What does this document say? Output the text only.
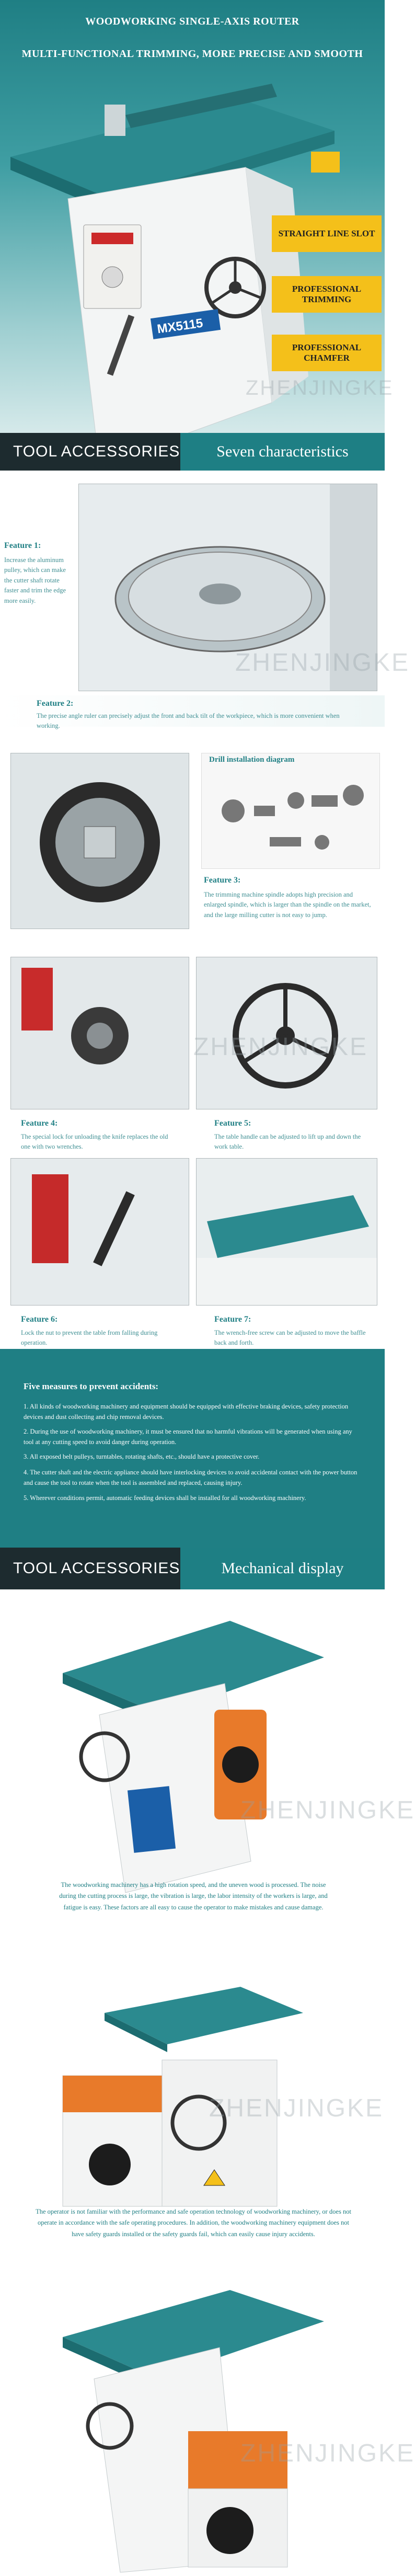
WOODWORKING SINGLE-AXIS ROUTER
MULTI-FUNCTIONAL TRIMMING, MORE PRECISE AND SMOOTH
MX5115
STRAIGHT LINE SLOT
PROFESSIONAL TRIMMING
PROFESSIONAL CHAMFER
ZHENJINGKE
TOOL ACCESSORIES	Seven characteristics
Feature 1:
Increase the aluminum pulley, which can make the cutter shaft rotate faster and trim the edge more easily.
ZHENJINGKE
Feature 2:
The precise angle ruler can precisely adjust the front and back tilt of the workpiece, which is more convenient when working.
Drill installation diagram
Feature 3:
The trimming machine spindle adopts high precision and enlarged spindle, which is larger than the spindle on the market, and the large milling cutter is not easy to jump.
ZHENJINGKE
Feature 4:
The special lock for unloading the knife replaces the old one with two wrenches.
Feature 5:
The table handle can be adjusted to lift up and down the work table.
Feature 6:
Lock the nut to prevent the table from falling during operation.
Feature 7:
The wrench-free screw can be adjusted to move the baffle back and forth.
Five measures to prevent accidents:
1. All kinds of woodworking machinery and equipment should be equipped with effective braking devices, safety protection devices and dust collecting and chip removal devices.
2. During the use of woodworking machinery, it must be ensured that no harmful vibrations will be generated when using any tool at any cutting speed to avoid danger during operation.
3. All exposed belt pulleys, turntables, rotating shafts, etc., should have a protective cover.
4. The cutter shaft and the electric appliance should have interlocking devices to avoid accidental contact with the power button and cause the tool to rotate when the tool is assembled and replaced, causing injury.
5. Wherever conditions permit, automatic feeding devices shall be installed for all woodworking machinery.
TOOL ACCESSORIES	Mechanical display
ZHENJINGKE
The woodworking machinery has a high rotation speed, and the uneven wood is processed. The noise during the cutting process is large, the vibration is large, the labor intensity of the workers is large, and fatigue is easy. These factors are all easy to cause the operator to make mistakes and cause damage.
ZHENJINGKE
The operator is not familiar with the performance and safe operation technology of woodworking machinery, or does not operate in accordance with the safe operating procedures. In addition, the woodworking machinery equipment does not have safety guards installed or the safety guards fail, which can easily cause injury accidents.
ZHENJINGKE
